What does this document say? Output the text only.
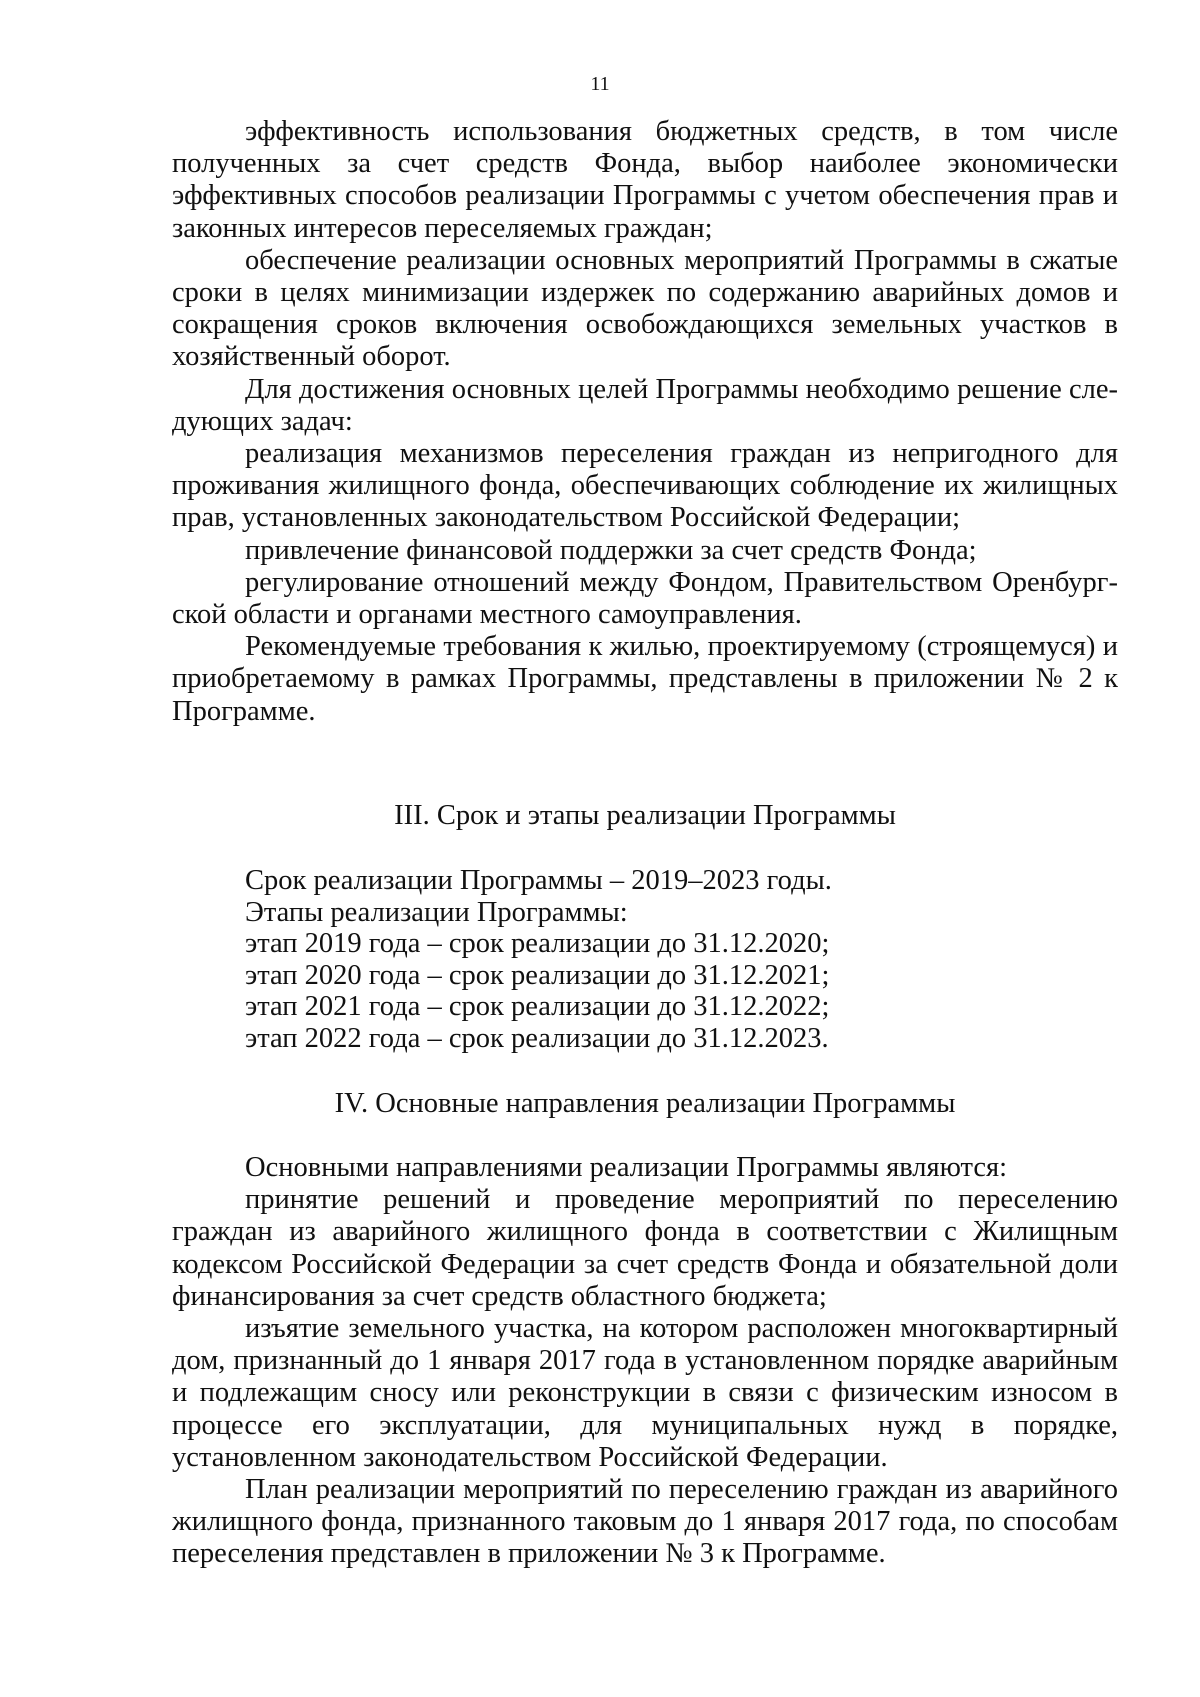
11

эффективность использования бюджетных средств, в том числе полученных за счет средств Фонда, выбор наиболее экономически эффективных способов реализации Программы с учетом обеспечения прав и законных интересов переселяемых граждан;

обеспечение реализации основных мероприятий Программы в сжатые сроки в целях минимизации издержек по содержанию аварийных домов и сокращения сроков включения освобождающихся земельных участков в хозяйственный оборот.

Для достижения основных целей Программы необходимо решение следующих задач:

реализация механизмов переселения граждан из непригодного для проживания жилищного фонда, обеспечивающих соблюдение их жилищных прав, установленных законодательством Российской Федерации;

привлечение финансовой поддержки за счет средств Фонда;

регулирование отношений между Фондом, Правительством Оренбургской области и органами местного самоуправления.

Рекомендуемые требования к жилью, проектируемому (строящемуся) и приобретаемому в рамках Программы, представлены в приложении № 2 к Программе.

III. Срок и этапы реализации Программы

Срок реализации Программы – 2019–2023 годы.

Этапы реализации Программы:

этап 2019 года – срок реализации до 31.12.2020;

этап 2020 года – срок реализации до 31.12.2021;

этап 2021 года – срок реализации до 31.12.2022;

этап 2022 года – срок реализации до 31.12.2023.

IV. Основные направления реализации Программы

Основными направлениями реализации Программы являются:

принятие решений и проведение мероприятий по переселению граждан из аварийного жилищного фонда в соответствии с Жилищным кодексом Российской Федерации за счет средств Фонда и обязательной доли финансирования за счет средств областного бюджета;

изъятие земельного участка, на котором расположен многоквартирный дом, признанный до 1 января 2017 года в установленном порядке аварийным и подлежащим сносу или реконструкции в связи с физическим износом в процессе его эксплуатации, для муниципальных нужд в порядке, установленном законодательством Российской Федерации.

План реализации мероприятий по переселению граждан из аварийного жилищного фонда, признанного таковым до 1 января 2017 года, по способам переселения представлен в приложении № 3 к Программе.
